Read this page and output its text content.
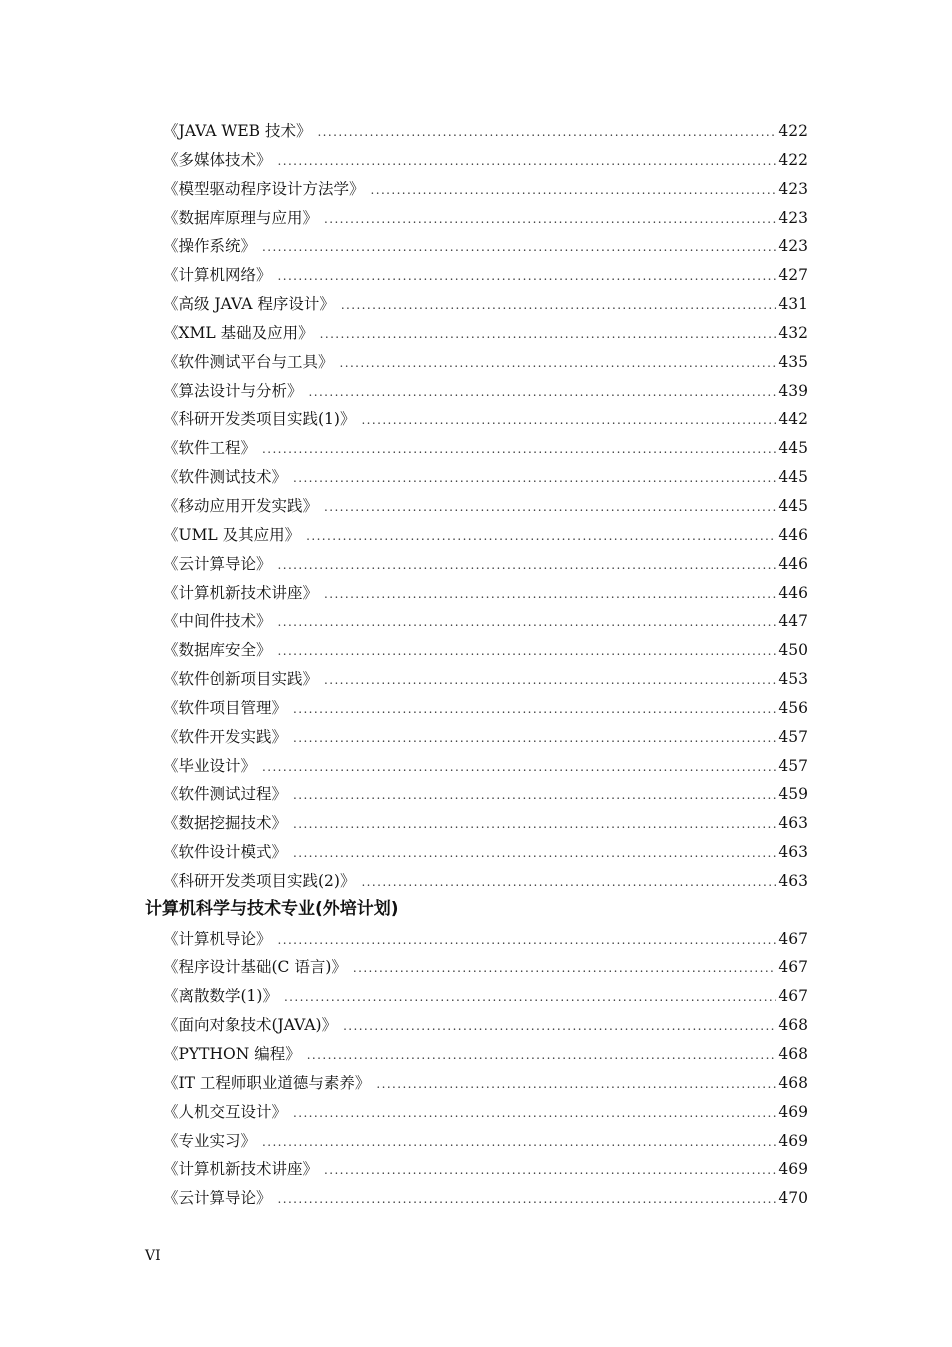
《JAVA WEB 技术》 .....	422
《多媒体技术》 .....	422
《模型驱动程序设计方法学》 .....	423
《数据库原理与应用》 .....	423
《操作系统》 .....	423
《计算机网络》 .....	427
《高级 JAVA 程序设计》 .....	431
《XML 基础及应用》 .....	432
《软件测试平台与工具》 .....	435
《算法设计与分析》 .....	439
《科研开发类项目实践(1)》 .....	442
《软件工程》 .....	445
《软件测试技术》 .....	445
《移动应用开发实践》 .....	445
《UML 及其应用》 .....	446
《云计算导论》 .....	446
《计算机新技术讲座》 .....	446
《中间件技术》 .....	447
《数据库安全》 .....	450
《软件创新项目实践》 .....	453
《软件项目管理》 .....	456
《软件开发实践》 .....	457
《毕业设计》 .....	457
《软件测试过程》 .....	459
《数据挖掘技术》 .....	463
《软件设计模式》 .....	463
《科研开发类项目实践(2)》 .....	463
计算机科学与技术专业(外培计划)
《计算机导论》 .....	467
《程序设计基础(C 语言)》 .....	467
《离散数学(1)》 .....	467
《面向对象技术(JAVA)》 .....	468
《PYTHON 编程》 .....	468
《IT 工程师职业道德与素养》 .....	468
《人机交互设计》 .....	469
《专业实习》 .....	469
《计算机新技术讲座》 .....	469
《云计算导论》 .....	470
VI
